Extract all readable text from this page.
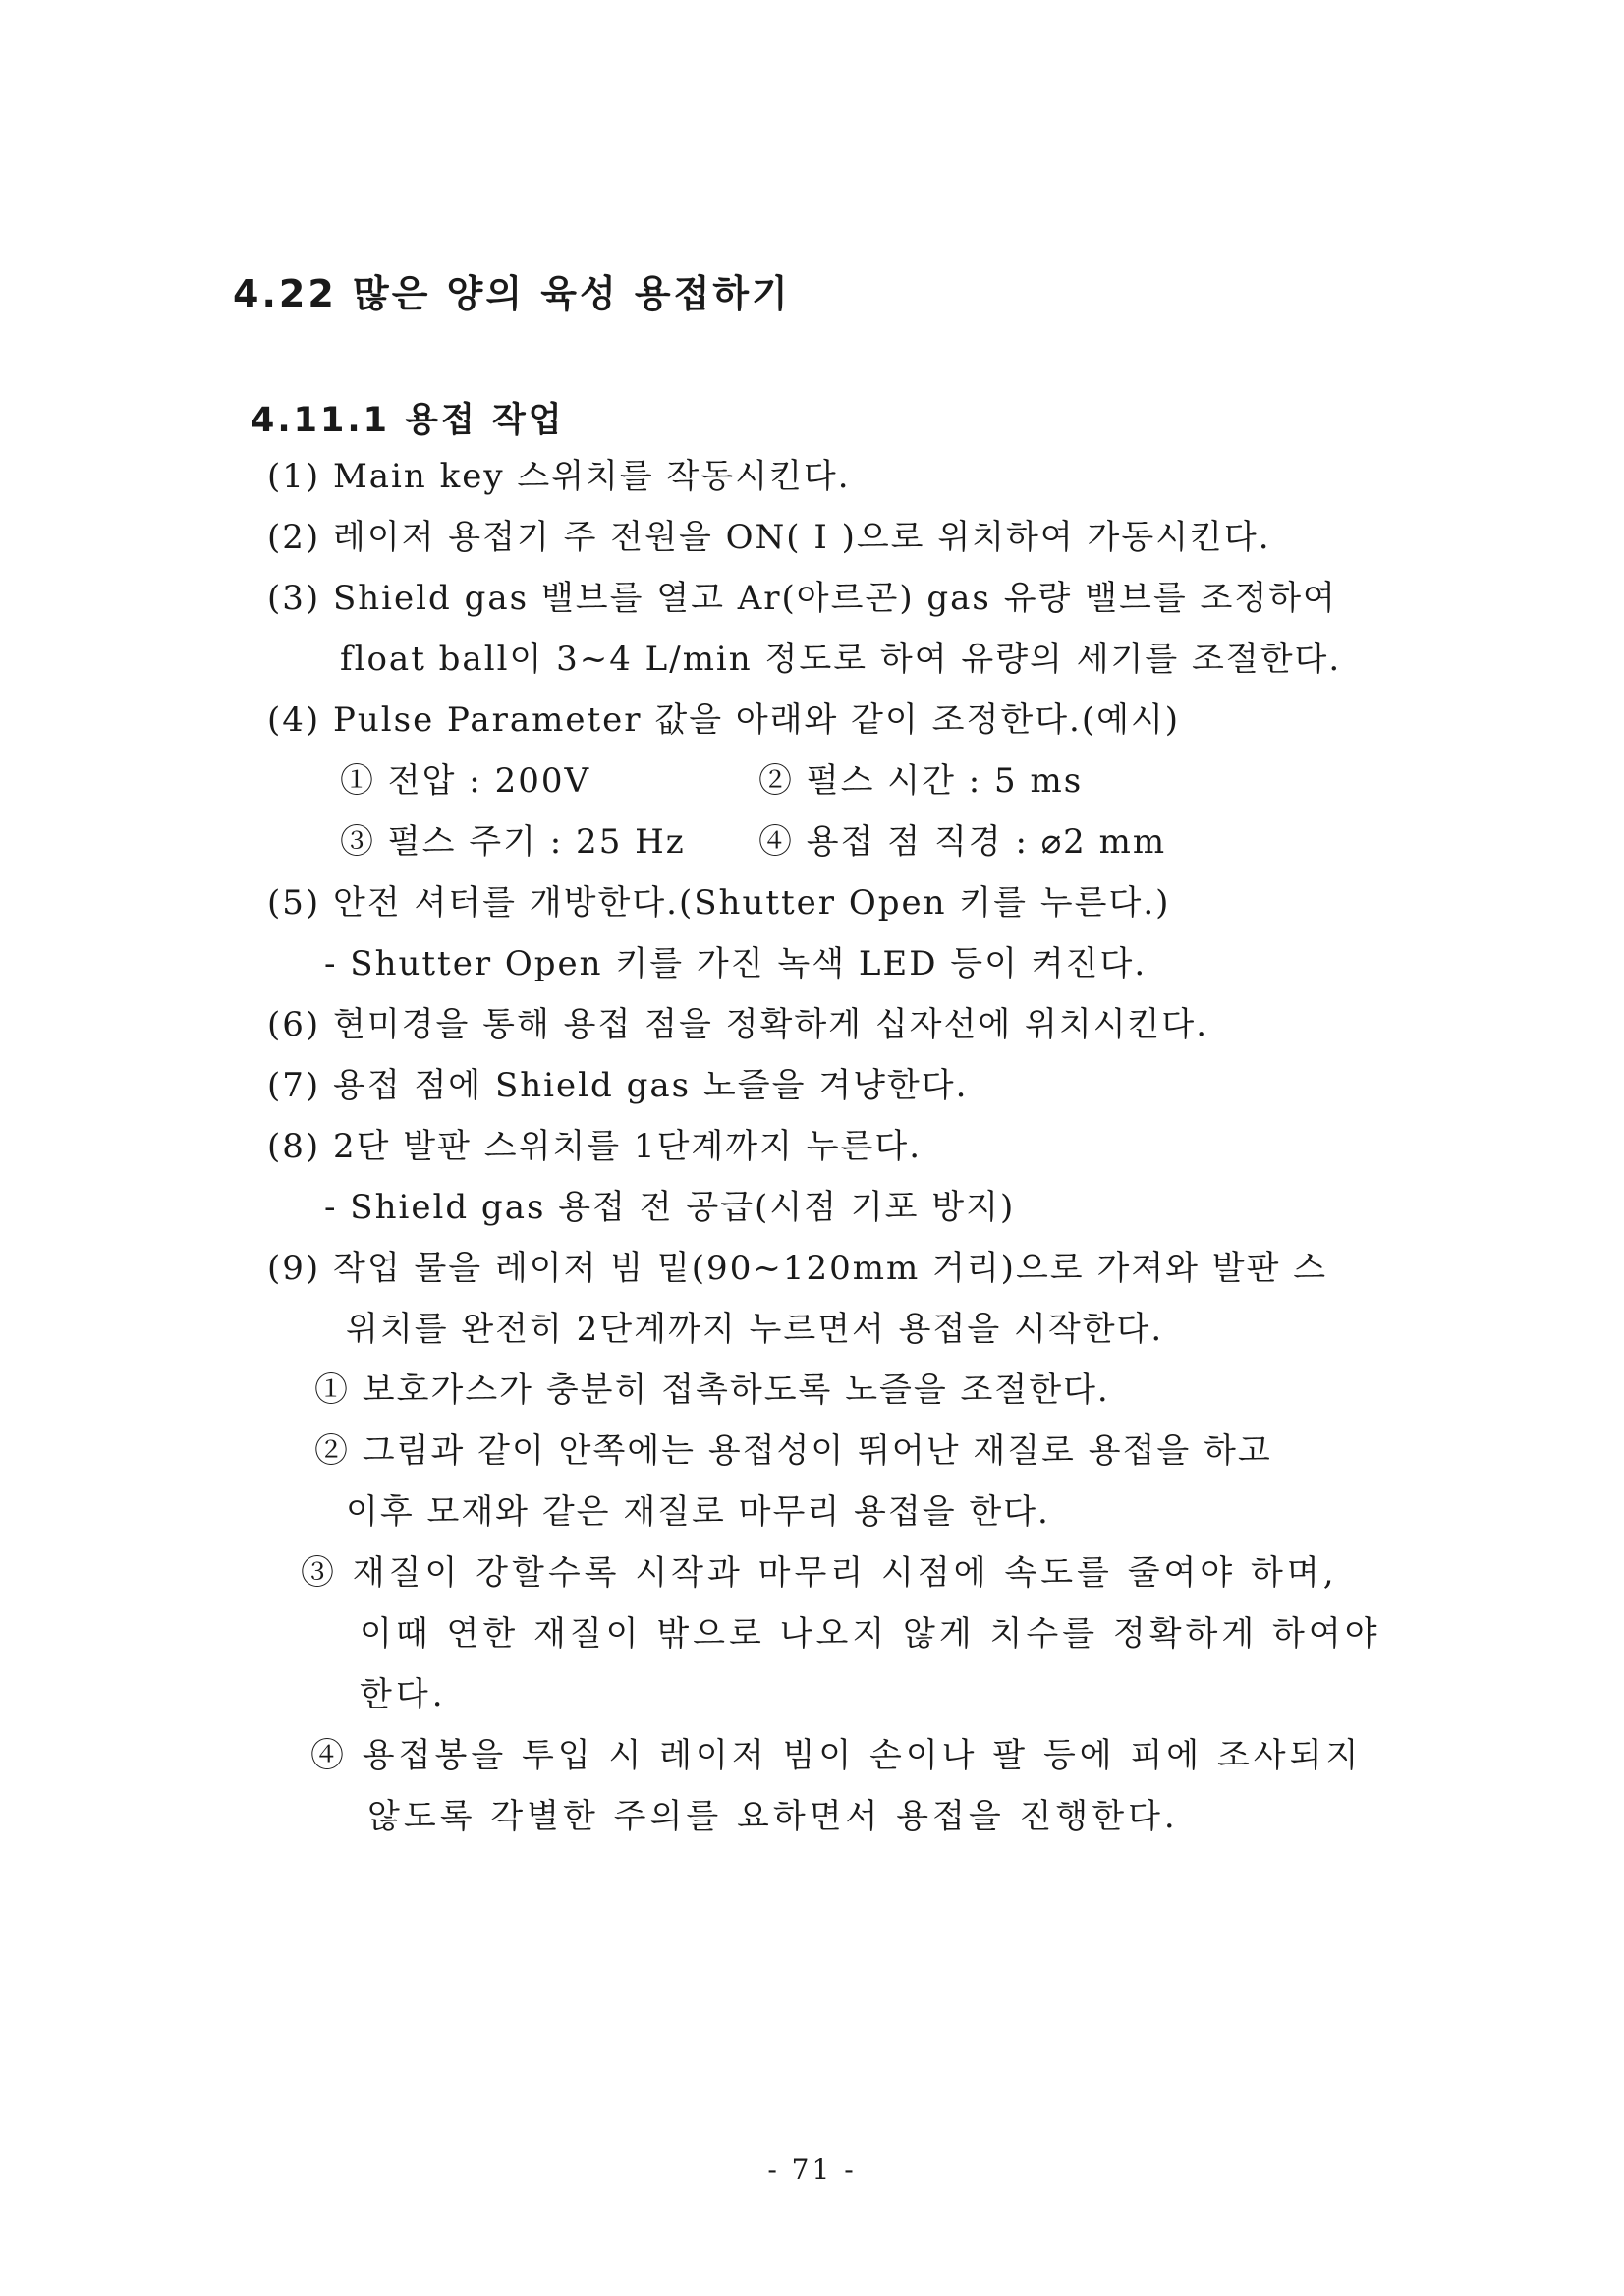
4.22 많은 양의 육성 용접하기
4.11.1 용접 작업
(1) Main key 스위치를 작동시킨다.
(2) 레이저 용접기 주 전원을 ON( I )으로 위치하여 가동시킨다.
(3) Shield gas 밸브를 열고 Ar(아르곤) gas 유량 밸브를 조정하여
float ball이 3~4 L/min 정도로 하여 유량의 세기를 조절한다.
(4) Pulse Parameter 값을 아래와 같이 조정한다.(예시)
① 전압 : 200V	② 펄스 시간 : 5 ms
③ 펄스 주기 : 25 Hz ④ 용접 점 직경 : ⌀2 mm
(5) 안전 셔터를 개방한다.(Shutter Open 키를 누른다.)
- Shutter Open 키를 가진 녹색 LED 등이 켜진다.
(6) 현미경을 통해 용접 점을 정확하게 십자선에 위치시킨다.
(7) 용접 점에 Shield gas 노즐을 겨냥한다.
(8) 2단 발판 스위치를 1단계까지 누른다.
- Shield gas 용접 전 공급(시점 기포 방지)
(9) 작업 물을 레이저 빔 밑(90~120mm 거리)으로 가져와 발판 스
위치를 완전히 2단계까지 누르면서 용접을 시작한다.
① 보호가스가 충분히 접촉하도록 노즐을 조절한다.
② 그림과 같이 안쪽에는 용접성이 뛰어난 재질로 용접을 하고
이후 모재와 같은 재질로 마무리 용접을 한다.
③ 재질이 강할수록 시작과 마무리 시점에 속도를 줄여야 하며,
이때 연한 재질이 밖으로 나오지 않게 치수를 정확하게 하여야
한다.
④ 용접봉을 투입 시 레이저 빔이 손이나 팔 등에 피에 조사되지
않도록 각별한 주의를 요하면서 용접을 진행한다.
- 71 -
